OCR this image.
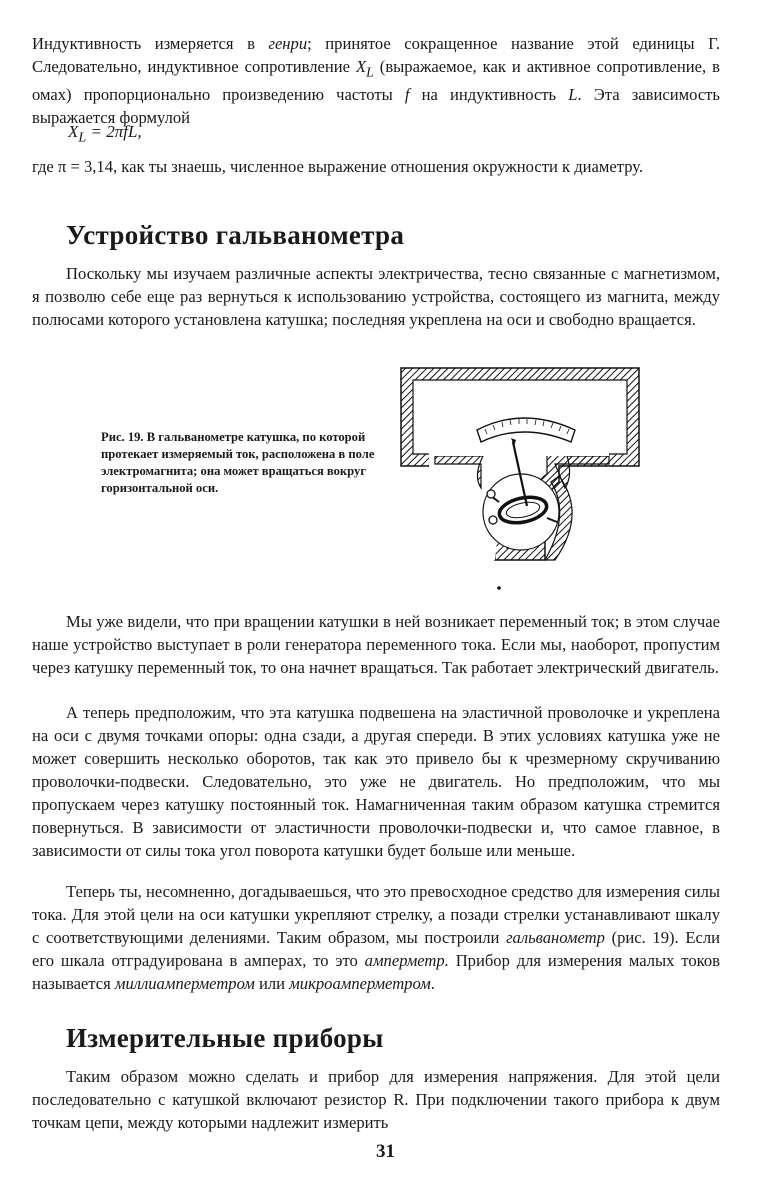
Индуктивность измеряется в генри; принятое сокращенное название этой единицы Г. Следовательно, индуктивное сопротивление $X_L$ (выражаемое, как и активное сопротивление, в омах) пропорционально произведению частоты f на индуктивность L. Эта зависимость выражается формулой

$X_L = 2\pi fL$,

где π = 3,14, как ты знаешь, численное выражение отношения окружности к диаметру.

Устройство гальванометра

Поскольку мы изучаем различные аспекты электричества, тесно связанные с магнетизмом, я позволю себе еще раз вернуться к использованию устройства, состоящего из магнита, между полюсами которого установлена катушка; последняя укреплена на оси и свободно вращается.

Рис. 19. В гальванометре катушка, по которой протекает измеряемый ток, расположена в поле электромагнита; она может вращаться вокруг горизонтальной оси.

Мы уже видели, что при вращении катушки в ней возникает переменный ток; в этом случае наше устройство выступает в роли генератора переменного тока. Если мы, наоборот, пропустим через катушку переменный ток, то она начнет вращаться. Так работает электрический двигатель.

А теперь предположим, что эта катушка подвешена на эластичной проволочке и укреплена на оси с двумя точками опоры: одна сзади, а другая спереди. В этих условиях катушка уже не может совершить несколько оборотов, так как это привело бы к чрезмерному скручиванию проволочки-подвески. Следовательно, это уже не двигатель. Но предположим, что мы пропускаем через катушку постоянный ток. Намагниченная таким образом катушка стремится повернуться. В зависимости от эластичности проволочки-подвески и, что самое главное, в зависимости от силы тока угол поворота катушки будет больше или меньше.

Теперь ты, несомненно, догадываешься, что это превосходное средство для измерения силы тока. Для этой цели на оси катушки укрепляют стрелку, а позади стрелки устанавливают шкалу с соответствующими делениями. Таким образом, мы построили гальванометр (рис. 19). Если его шкала отградуирована в амперах, то это амперметр. Прибор для измерения малых токов называется миллиамперметром или микроамперметром.

Измерительные приборы

Таким образом можно сделать и прибор для измерения напряжения. Для этой цели последовательно с катушкой включают резистор R. При подключении такого прибора к двум точкам цепи, между которыми надлежит измерить

31
